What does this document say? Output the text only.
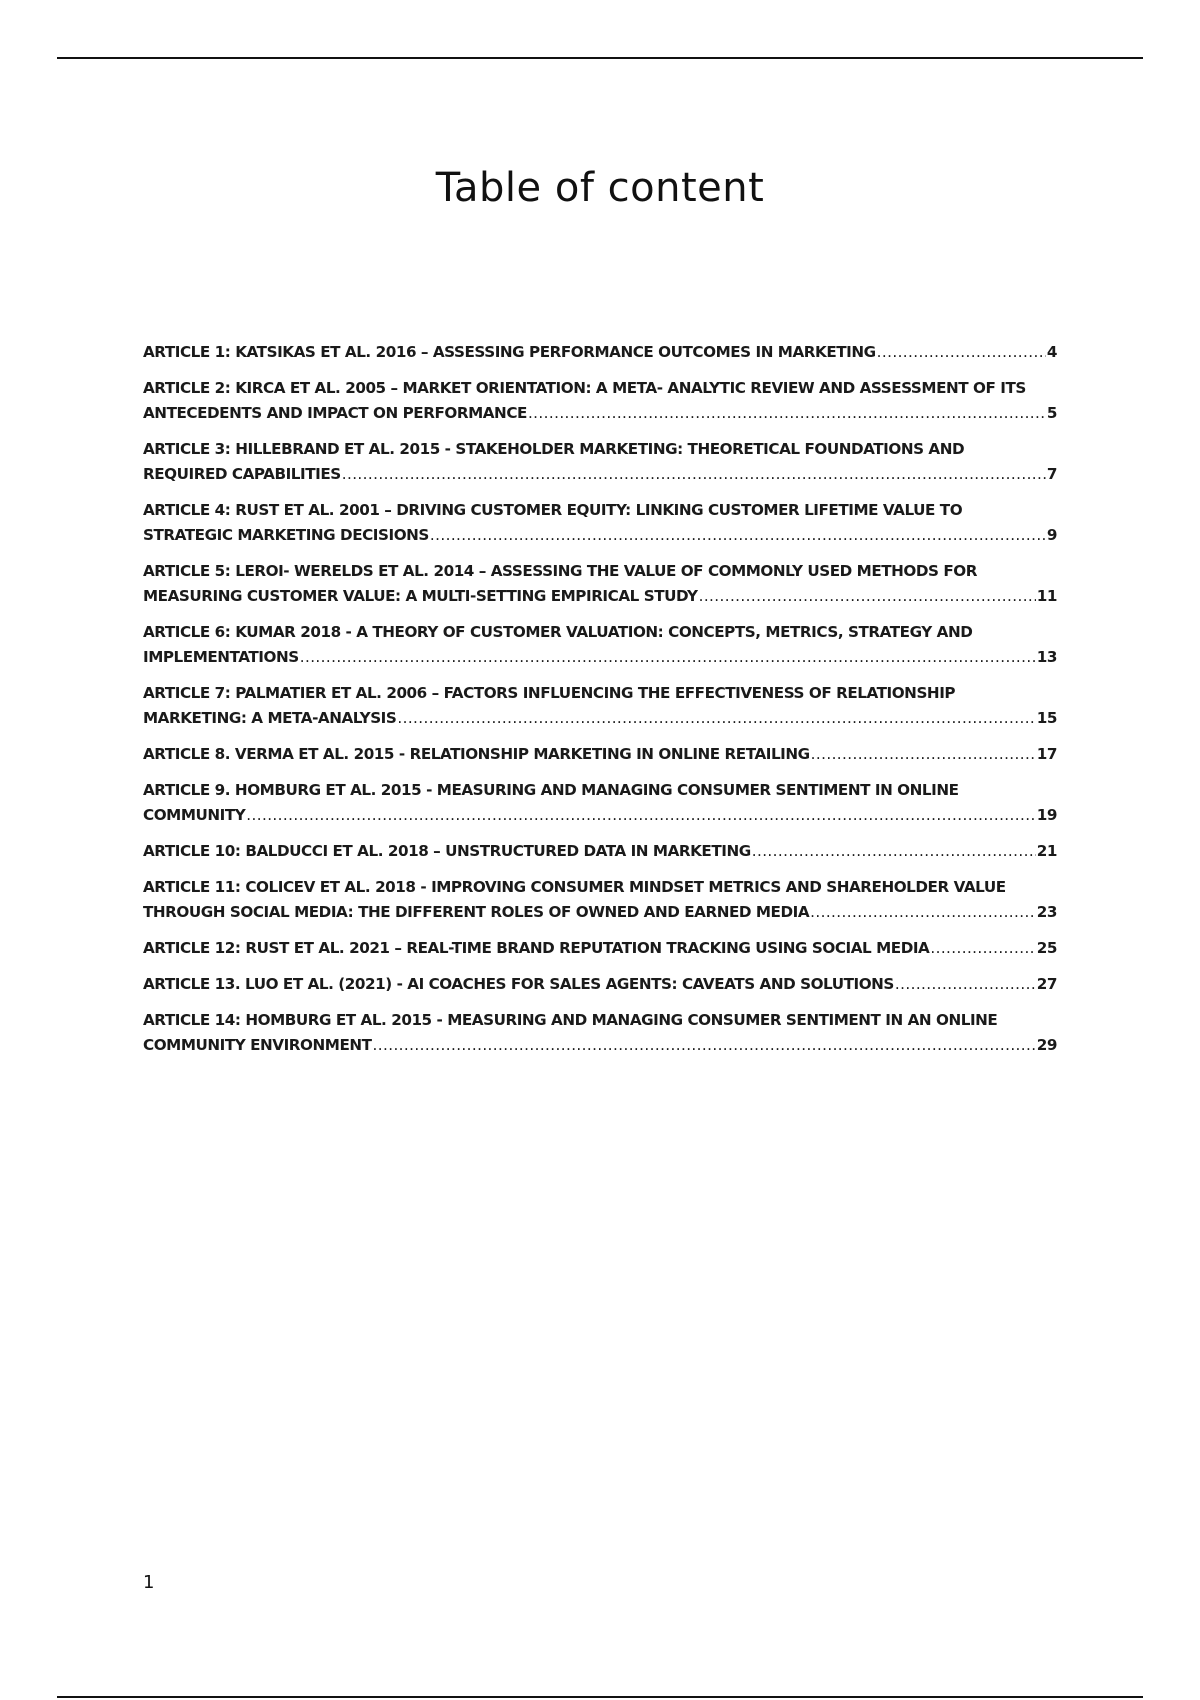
Table of content
ARTICLE 1: KATSIKAS ET AL. 2016 – ASSESSING PERFORMANCE OUTCOMES IN MARKETING .....	4
ARTICLE 2: KIRCA ET AL. 2005 – MARKET ORIENTATION: A META- ANALYTIC REVIEW AND ASSESSMENT OF ITS
ANTECEDENTS AND IMPACT ON PERFORMANCE .....	5
ARTICLE 3: HILLEBRAND ET AL. 2015 - STAKEHOLDER MARKETING: THEORETICAL FOUNDATIONS AND
REQUIRED CAPABILITIES .....	7
ARTICLE 4: RUST ET AL. 2001 – DRIVING CUSTOMER EQUITY: LINKING CUSTOMER LIFETIME VALUE TO
STRATEGIC MARKETING DECISIONS .....	9
ARTICLE 5: LEROI- WERELDS ET AL. 2014 – ASSESSING THE VALUE OF COMMONLY USED METHODS FOR
MEASURING CUSTOMER VALUE: A MULTI-SETTING EMPIRICAL STUDY .....	11
ARTICLE 6: KUMAR 2018 - A THEORY OF CUSTOMER VALUATION: CONCEPTS, METRICS, STRATEGY AND
IMPLEMENTATIONS .....	13
ARTICLE 7: PALMATIER ET AL. 2006 – FACTORS INFLUENCING THE EFFECTIVENESS OF RELATIONSHIP
MARKETING: A META-ANALYSIS .....	15
ARTICLE 8. VERMA ET AL. 2015 - RELATIONSHIP MARKETING IN ONLINE RETAILING .....	17
ARTICLE 9. HOMBURG ET AL. 2015 - MEASURING AND MANAGING CONSUMER SENTIMENT IN ONLINE
COMMUNITY .....	19
ARTICLE 10: BALDUCCI ET AL. 2018 – UNSTRUCTURED DATA IN MARKETING .....	21
ARTICLE 11: COLICEV ET AL. 2018 - IMPROVING CONSUMER MINDSET METRICS AND SHAREHOLDER VALUE
THROUGH SOCIAL MEDIA: THE DIFFERENT ROLES OF OWNED AND EARNED MEDIA .....	23
ARTICLE 12: RUST ET AL. 2021 – REAL-TIME BRAND REPUTATION TRACKING USING SOCIAL MEDIA .....	25
ARTICLE 13. LUO ET AL. (2021) - AI COACHES FOR SALES AGENTS: CAVEATS AND SOLUTIONS .....	27
ARTICLE 14: HOMBURG ET AL. 2015 - MEASURING AND MANAGING CONSUMER SENTIMENT IN AN ONLINE
COMMUNITY ENVIRONMENT .....	29
1
